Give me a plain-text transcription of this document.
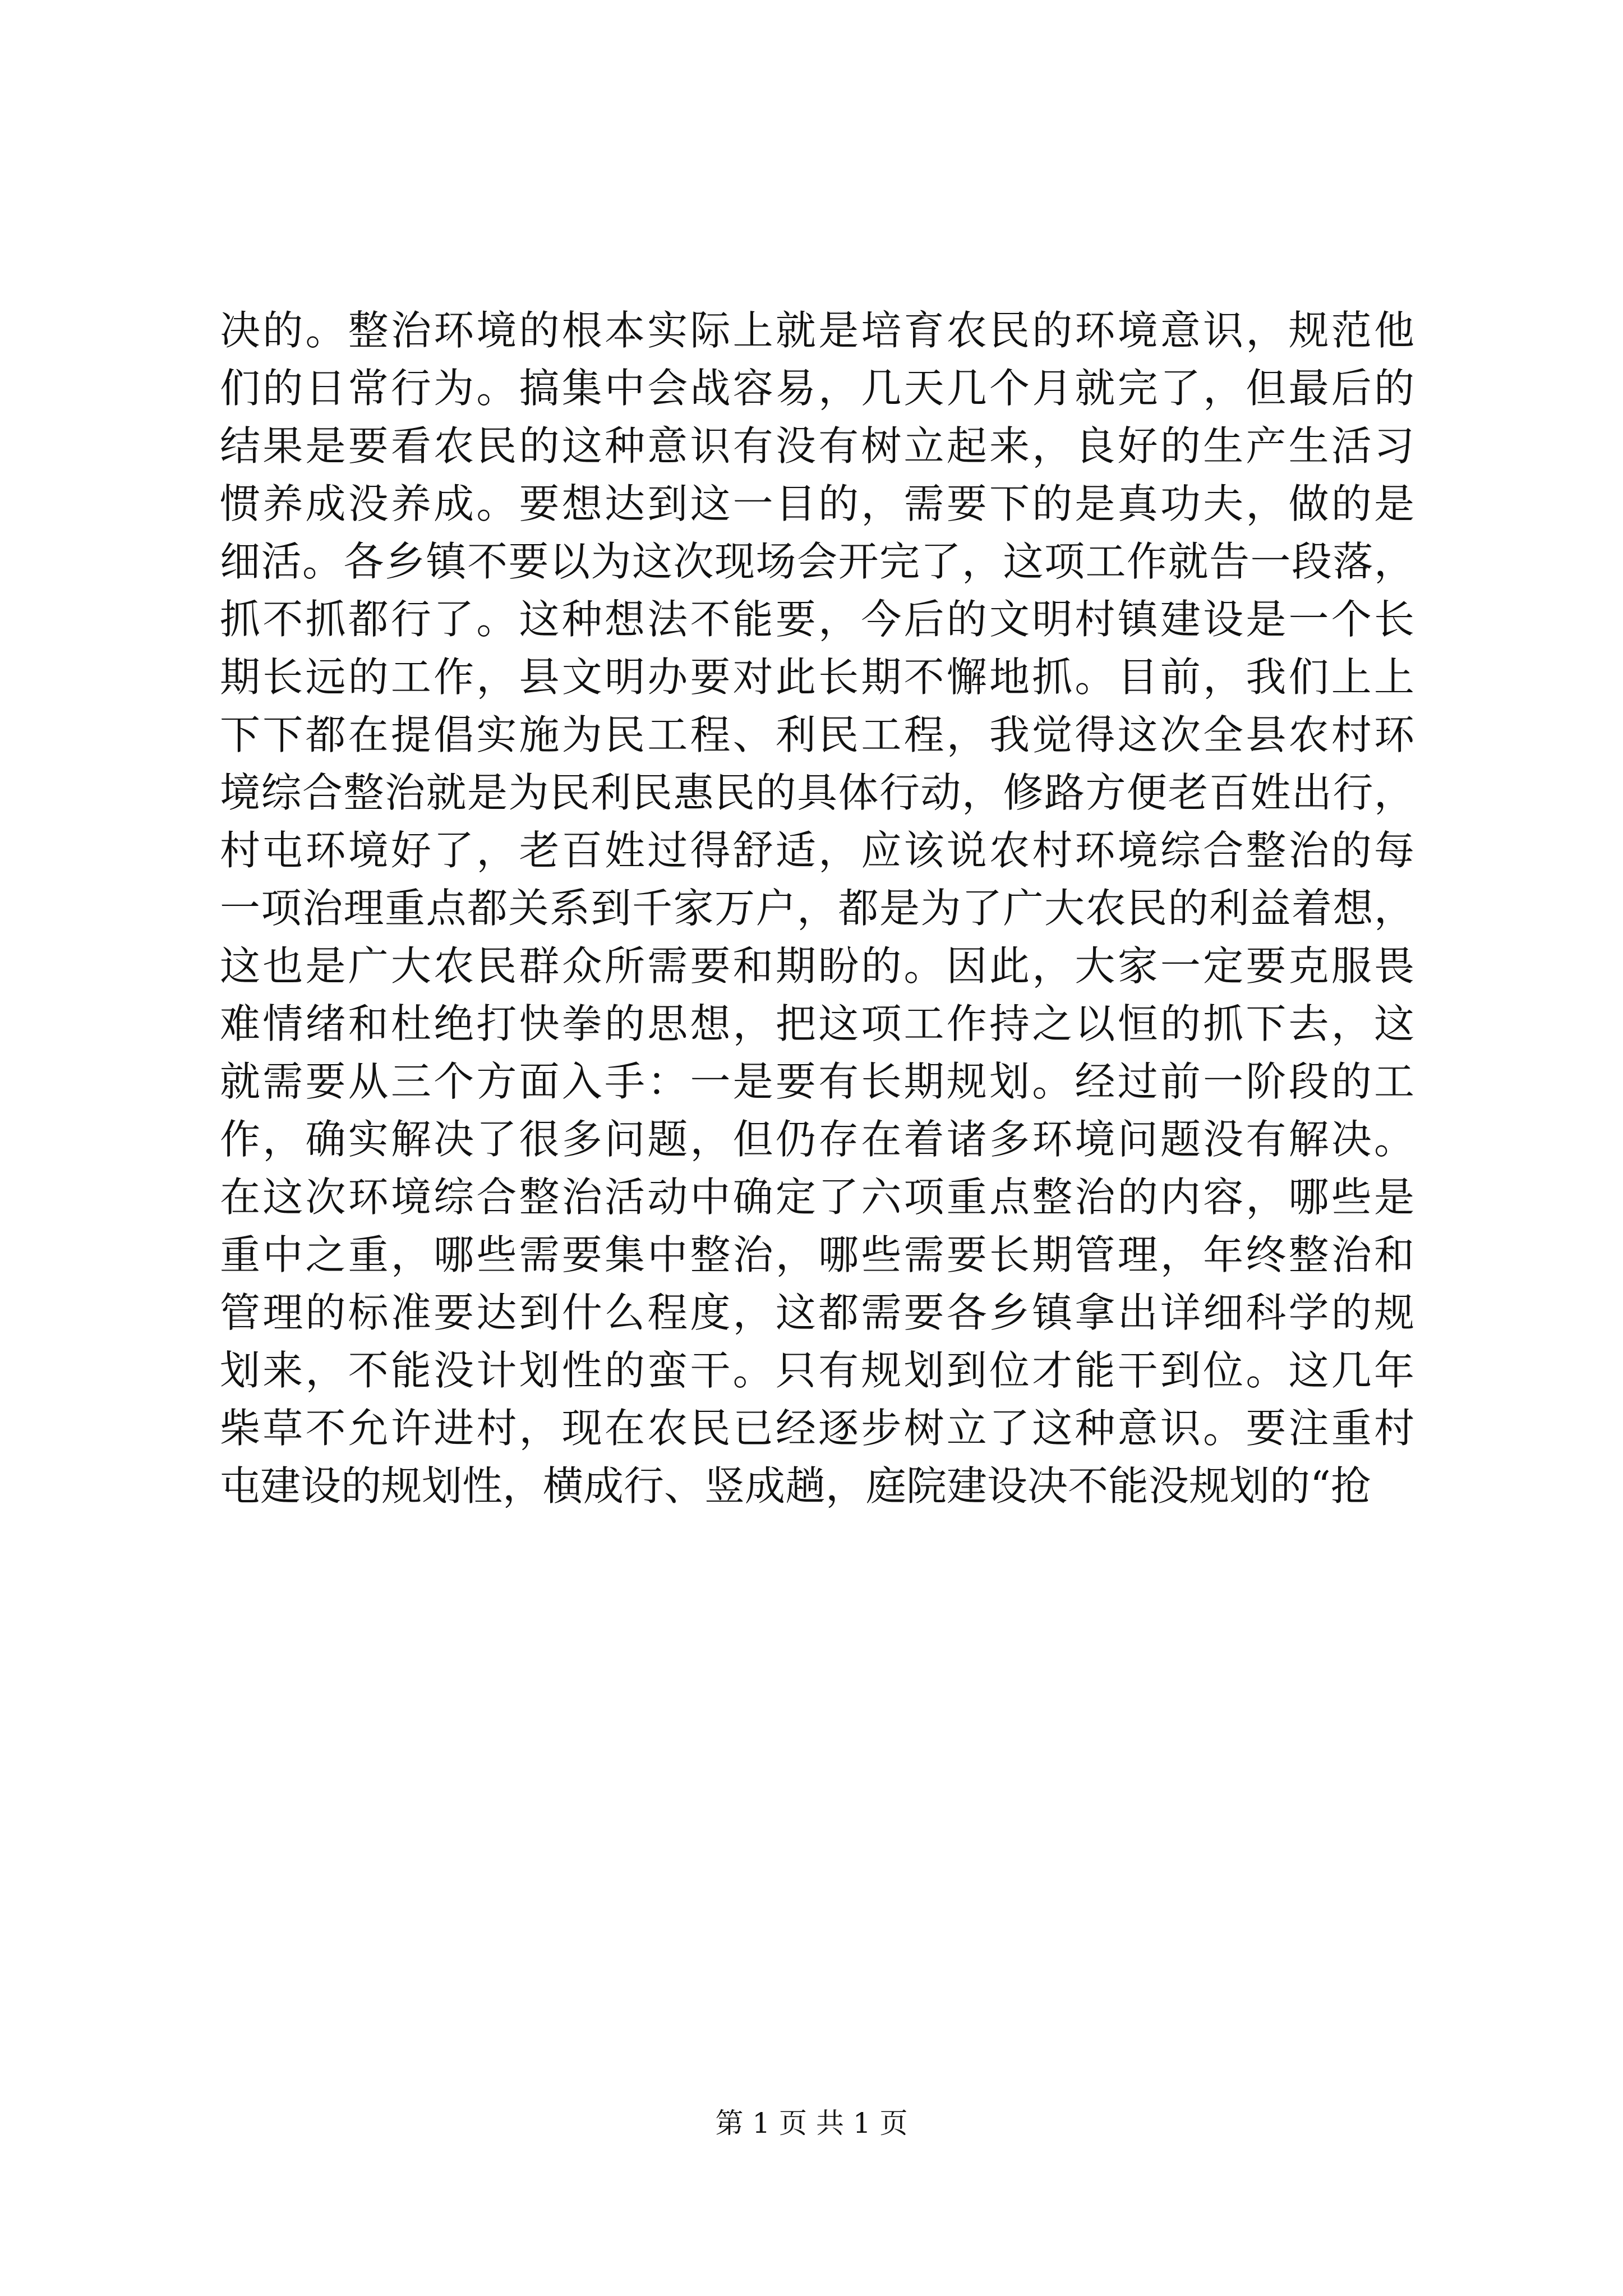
决的。整治环境的根本实际上就是培育农民的环境意识，规范他
们的日常行为。搞集中会战容易，几天几个月就完了，但最后的
结果是要看农民的这种意识有没有树立起来，良好的生产生活习
惯养成没养成。要想达到这一目的，需要下的是真功夫，做的是
细活。各乡镇不要以为这次现场会开完了，这项工作就告一段落，
抓不抓都行了。这种想法不能要，今后的文明村镇建设是一个长
期长远的工作，县文明办要对此长期不懈地抓。目前，我们上上
下下都在提倡实施为民工程、利民工程，我觉得这次全县农村环
境综合整治就是为民利民惠民的具体行动，修路方便老百姓出行，
村屯环境好了，老百姓过得舒适，应该说农村环境综合整治的每
一项治理重点都关系到千家万户，都是为了广大农民的利益着想，
这也是广大农民群众所需要和期盼的。因此，大家一定要克服畏
难情绪和杜绝打快拳的思想，把这项工作持之以恒的抓下去，这
就需要从三个方面入手：一是要有长期规划。经过前一阶段的工
作，确实解决了很多问题，但仍存在着诸多环境问题没有解决。
在这次环境综合整治活动中确定了六项重点整治的内容，哪些是
重中之重，哪些需要集中整治，哪些需要长期管理，年终整治和
管理的标准要达到什么程度，这都需要各乡镇拿出详细科学的规
划来，不能没计划性的蛮干。只有规划到位才能干到位。这几年
柴草不允许进村，现在农民已经逐步树立了这种意识。要注重村
屯建设的规划性，横成行、竖成趟，庭院建设决不能没规划的“抢
第 1 页 共 1 页
